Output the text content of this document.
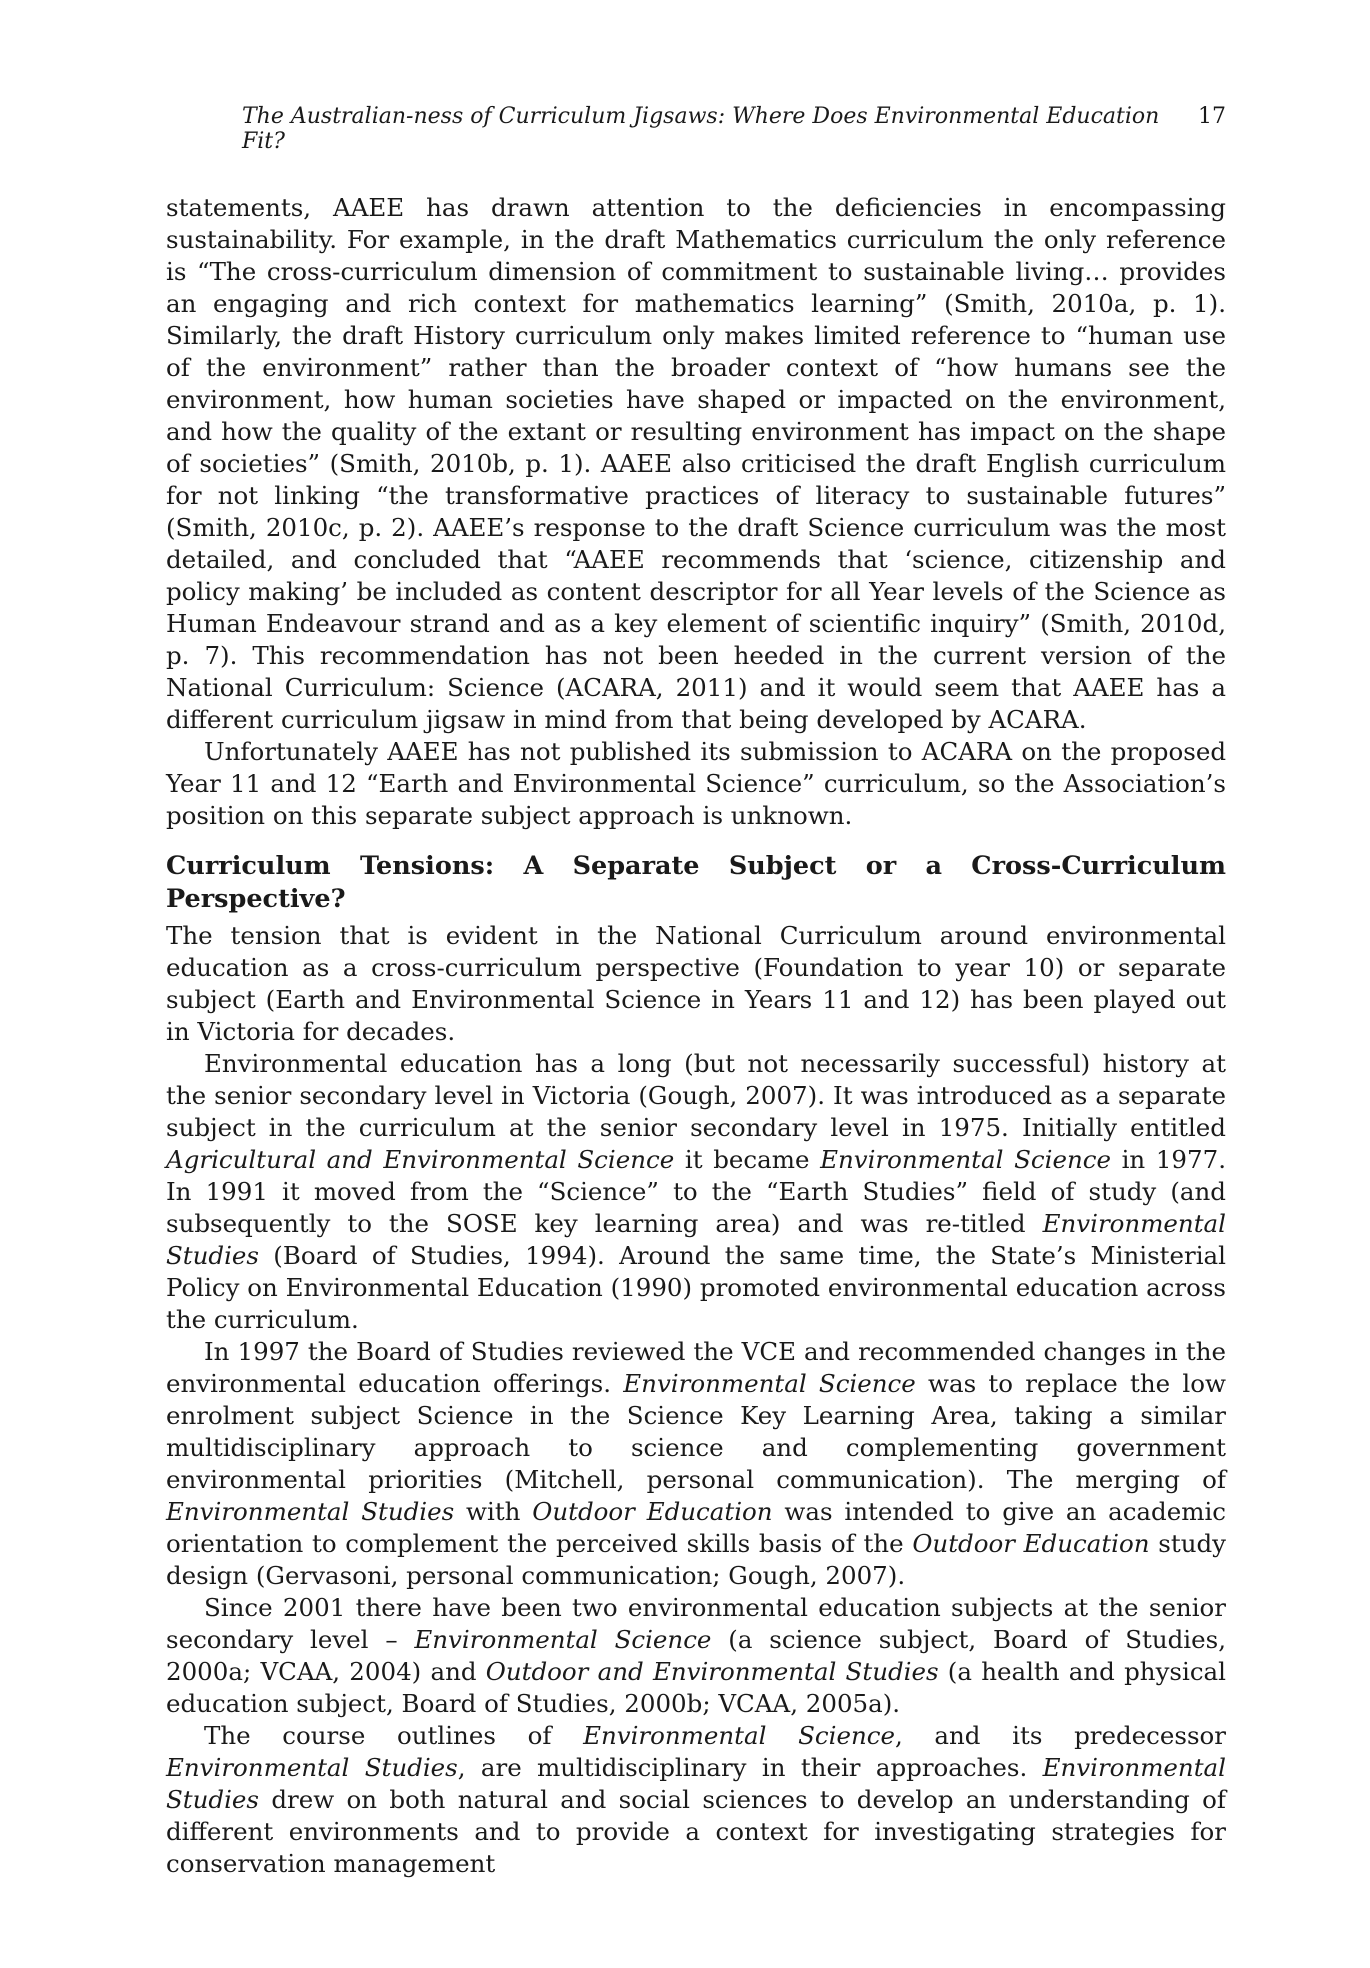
The Australian-ness of Curriculum Jigsaws: Where Does Environmental Education Fit?
17

statements, AAEE has drawn attention to the deficiencies in encompassing sustainability. For example, in the draft Mathematics curriculum the only reference is “The cross-curriculum dimension of commitment to sustainable living… provides an engaging and rich context for mathematics learning” (Smith, 2010a, p. 1). Similarly, the draft History curriculum only makes limited reference to “human use of the environment” rather than the broader context of “how humans see the environment, how human societies have shaped or impacted on the environment, and how the quality of the extant or resulting environment has impact on the shape of societies” (Smith, 2010b, p. 1). AAEE also criticised the draft English curriculum for not linking “the transformative practices of literacy to sustainable futures” (Smith, 2010c, p. 2). AAEE’s response to the draft Science curriculum was the most detailed, and concluded that “AAEE recommends that ‘science, citizenship and policy making’ be included as content descriptor for all Year levels of the Science as Human Endeavour strand and as a key element of scientific inquiry” (Smith, 2010d, p. 7). This recommendation has not been heeded in the current version of the National Curriculum: Science (ACARA, 2011) and it would seem that AAEE has a different curriculum jigsaw in mind from that being developed by ACARA.

Unfortunately AAEE has not published its submission to ACARA on the proposed Year 11 and 12 “Earth and Environmental Science” curriculum, so the Association’s position on this separate subject approach is unknown.

Curriculum Tensions: A Separate Subject or a Cross-Curriculum Perspective?

The tension that is evident in the National Curriculum around environmental education as a cross-curriculum perspective (Foundation to year 10) or separate subject (Earth and Environmental Science in Years 11 and 12) has been played out in Victoria for decades.

Environmental education has a long (but not necessarily successful) history at the senior secondary level in Victoria (Gough, 2007). It was introduced as a separate subject in the curriculum at the senior secondary level in 1975. Initially entitled Agricultural and Environmental Science it became Environmental Science in 1977. In 1991 it moved from the “Science” to the “Earth Studies” field of study (and subsequently to the SOSE key learning area) and was re-titled Environmental Studies (Board of Studies, 1994). Around the same time, the State’s Ministerial Policy on Environmental Education (1990) promoted environmental education across the curriculum.

In 1997 the Board of Studies reviewed the VCE and recommended changes in the environmental education offerings. Environmental Science was to replace the low enrolment subject Science in the Science Key Learning Area, taking a similar multidisciplinary approach to science and complementing government environmental priorities (Mitchell, personal communication). The merging of Environmental Studies with Outdoor Education was intended to give an academic orientation to complement the perceived skills basis of the Outdoor Education study design (Gervasoni, personal communication; Gough, 2007).

Since 2001 there have been two environmental education subjects at the senior secondary level – Environmental Science (a science subject, Board of Studies, 2000a; VCAA, 2004) and Outdoor and Environmental Studies (a health and physical education subject, Board of Studies, 2000b; VCAA, 2005a).

The course outlines of Environmental Science, and its predecessor Environmental Studies, are multidisciplinary in their approaches. Environmental Studies drew on both natural and social sciences to develop an understanding of different environments and to provide a context for investigating strategies for conservation management
